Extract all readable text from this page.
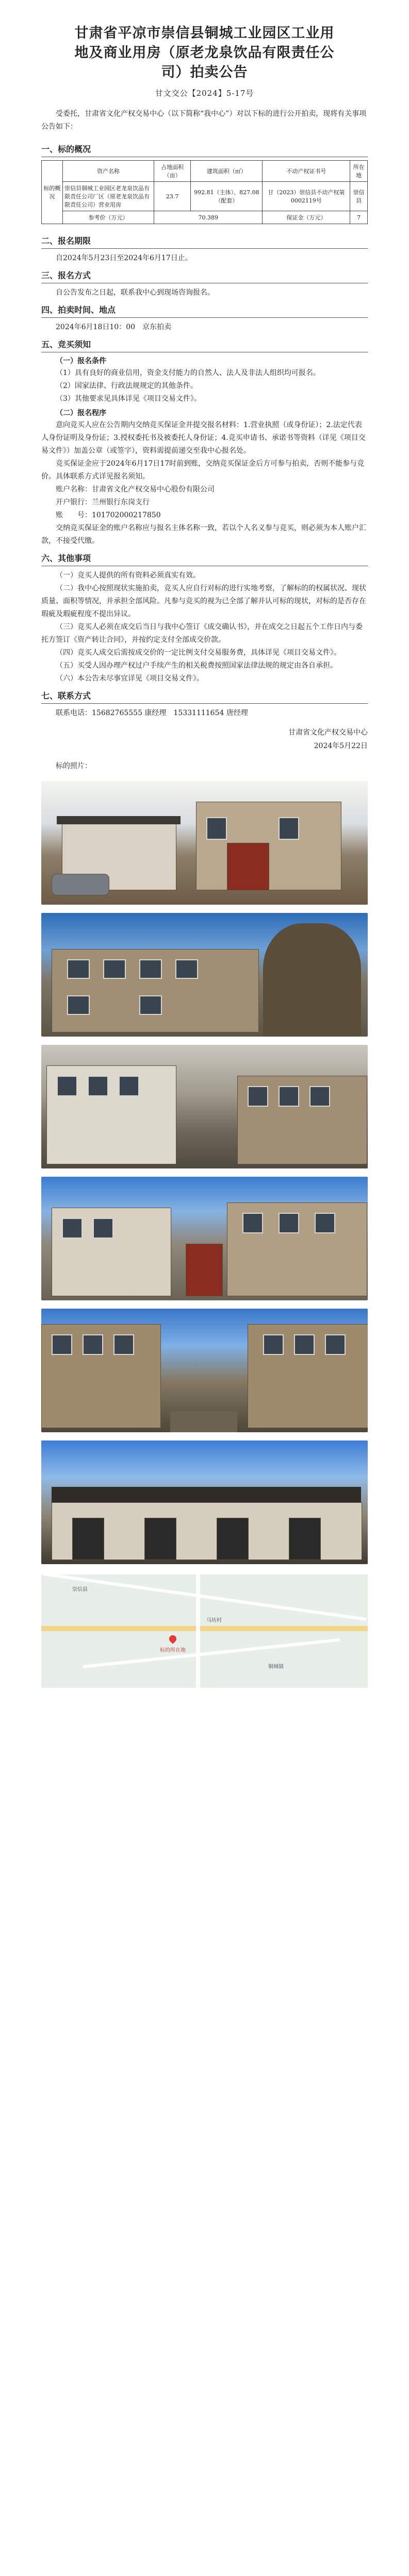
甘肃省平凉市崇信县铜城工业园区工业用
地及商业用房（原老龙泉饮品有限责任公
司）拍卖公告
甘文交公【2024】5-17号

受委托，甘肃省文化产权交易中心（以下简称“我中心”）对以下标的进行公开拍卖，现将有关事项公告如下：

一、标的概况
标的概况	资产名称	占地面积（亩）	建筑面积（㎡）	不动产权证书号	所在地
	崇信县铜城工业园区老龙泉饮品有限责任公司厂区（原老龙泉饮品有限责任公司）营业用房	23.7	992.81（主体）、827.08（配套）	甘（2023）崇信县不动产权第0002119号	崇信县
	参考价（万元）	70.389		保证金（万元）	7
二、报名期限

自2024年5月23日至2024年6月17日止。

三、报名方式

自公告发布之日起，联系我中心到现场咨询报名。

四、拍卖时间、地点

2024年6月18日10：00　京东拍卖

五、竞买须知
（一）报名条件

（1）具有良好的商业信用，资金支付能力的自然人、法人及非法人组织均可报名。

（2）国家法律、行政法规规定的其他条件。

（3）其他要求见具体详见《项目交易文件》。

（二）报名程序

意向竞买人应在公告期内交纳竞买保证金并提交报名材料：1.营业执照（或身份证）；2.法定代表人身份证明及身份证；3.授权委托书及被委托人身份证；4.竞买申请书、承诺书等资料（详见《项目交易文件》）加盖公章（或签字），资料需提前递交至我中心报名处。

竞买保证金应于2024年6月17日17时前到账，交纳竞买保证金后方可参与拍卖，否则不能参与竞价。具体联系方式详见报名须知。

账户名称：甘肃省文化产权交易中心股份有限公司

开户银行：兰州银行东岗支行

账　　号：101702000217850

交纳竞买保证金的账户名称应与报名主体名称一致，若以个人名义参与竞买，则必须为本人账户汇款，不接受代缴。

六、其他事项

（一）竞买人提供的所有资料必须真实有效。

（二）我中心按照现状实施拍卖，竞买人应自行对标的进行实地考察，了解标的的权属状况、现状质量、面积等情况，并承担全部风险。凡参与竞买的视为已全部了解并认可标的现状，对标的是否存在瑕疵及瑕疵程度不提出异议。

（三）竞买人必须在成交后当日与我中心签订《成交确认书》，并在成交之日起五个工作日内与委托方签订《资产转让合同》，并按约定支付全部成交价款。

（四）竞买人成交后需按成交价的一定比例支付交易服务费，具体详见《项目交易文件》。

（五）买受人因办理产权过户手续产生的相关税费按照国家法律法规的规定由各自承担。

（六）本公告未尽事宜详见《项目交易文件》。

七、联系方式

联系电话：15682765555 康经理　15331111654 唐经理

甘肃省文化产权交易中心
2024年5月22日

标的照片：

马坊村
铜城镇
崇信县
标的所在地
